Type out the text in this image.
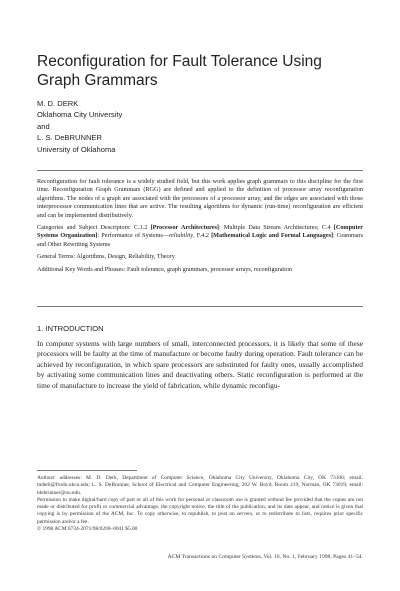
Reconfiguration for Fault Tolerance Using Graph Grammars
M. D. DERK
Oklahoma City University
and
L. S. DeBRUNNER
University of Oklahoma

Reconfiguration for fault tolerance is a widely studied field, but this work applies graph grammars to this discipline for the first time. Reconfiguration Graph Grammars (RGG) are defined and applied to the definition of processor array reconfiguration algorithms. The nodes of a graph are associated with the processors of a processor array, and the edges are associated with those interprocessor communication lines that are active. The resulting algorithms for dynamic (run-time) reconfiguration are efficient and can be implemented distributively.

Categories and Subject Descriptors: C.1.2 [Processor Architectures]: Multiple Data Stream Architectures; C.4 [Computer Systems Organization]: Performance of Systems—reliability, F.4.2 [Mathematical Logic and Formal Languages]: Grammars and Other Rewriting Systems

General Terms: Algorithms, Design, Reliability, Theory

Additional Key Words and Phrases: Fault tolerance, graph grammars, processor arrays, reconfiguration

1. INTRODUCTION

In computer systems with large numbers of small, interconnected processors, it is likely that some of these processors will be faulty at the time of manufacture or become faulty during operation. Fault tolerance can be achieved by reconfiguration, in which spare processors are substituted for faulty ones, usually accomplished by activating some communication lines and deactivating others. Static reconfiguration is performed at the time of manufacture to increase the yield of fabrication, while dynamic reconfigu-

Authors' addresses: M. D. Derk, Department of Computer Science, Oklahoma City University, Oklahoma City, OK 73106; email: mderk@frodo.okcu.edu; L. S. DeBrunner, School of Electrical and Computer Engineering, 202 W. Boyd, Room 219, Norman, OK 73019; email: ldebrunner@ou.edu.

Permission to make digital/hard copy of part or all of this work for personal or classroom use is granted without fee provided that the copies are not made or distributed for profit or commercial advantage, the copyright notice, the title of the publication, and its date appear, and notice is given that copying is by permission of the ACM, Inc. To copy otherwise, to republish, to post on servers, or to redistribute to lists, requires prior specific permission and/or a fee.

© 1998 ACM 0734-2071/98/0200–0041 $5.00

ACM Transactions on Computer Systems, Vol. 16, No. 1, February 1998, Pages 41–54.
